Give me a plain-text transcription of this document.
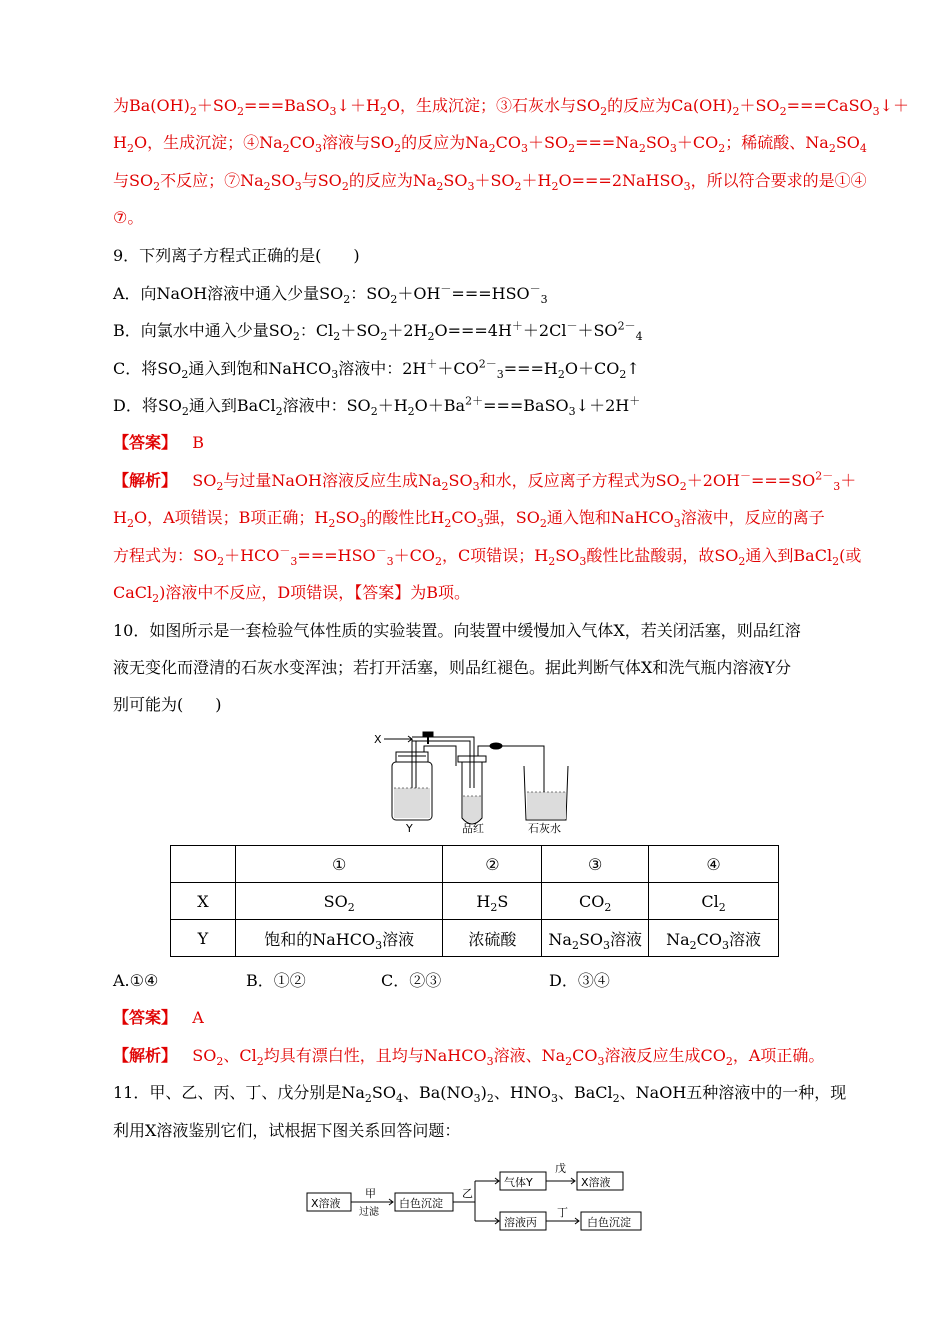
为$Ba(OH)_2+SO_2===BaSO_3↓+H_2O$，生成沉淀；③石灰水与$SO_2$的反应为$Ca(OH)_2+SO_2===CaSO_3↓+$
$H_2O$，生成沉淀；$④Na_2CO_3$溶液与$SO_2$的反应为$Na_2CO_3+SO_2===Na_2SO_3+CO_2$；稀硫酸、$Na_2SO_4$
与$SO_2$不反应；$⑦Na_2SO_3$与$SO_2$的反应为$Na_2SO_3+SO_2+H_2O===2NaHSO_3$，所以符合要求的是①④
⑦。
9．下列离子方程式正确的是(　　)
A．向NaOH溶液中通入少量$SO_2$：$SO_2+OH^-===HSO^-_3$
B．向氯水中通入少量$SO_2$：$Cl_2+SO_2+2H_2O===4H^++2Cl^-+SO^{2-}_4$
C．将$SO_2$通入到饱和NaHCO$_3$溶液中：$2H^++CO^{2-}_3===H_2O+CO_2↑$
D．将$SO_2$通入到BaCl$_2$溶液中：$SO_2+H_2O+Ba^{2+}===BaSO_3↓+2H^+$
【答案】 B
【解析】 $SO_2$与过量NaOH溶液反应生成$Na_2SO_3$和水，反应离子方程式为$SO_2+2OH^-===SO^{2-}_3+$
$H_2O$，A项错误；B项正确；$H_2SO_3$的酸性比$H_2CO_3$强，$SO_2$通入饱和NaHCO$_3$溶液中，反应的离子
方程式为：$SO_2+HCO^-_3===HSO^-_3+CO_2$，C项错误；$H_2SO_3$酸性比盐酸弱，故$SO_2$通入到BaCl$_2$(或
CaCl$_2$)溶液中不反应，D项错误，【答案】为B项。
10．如图所示是一套检验气体性质的实验装置。向装置中缓慢加入气体X，若关闭活塞，则品红溶
液无变化而澄清的石灰水变浑浊；若打开活塞，则品红褪色。据此判断气体X和洗气瓶内溶液Y分
别可能为(　　)
X
Y	品红	石灰水
	①	②	③	④
X	$SO_2$	$H_2S$	$CO_2$	$Cl_2$
Y	饱和的NaHCO$_3$溶液	浓硫酸	$Na_2SO_3$溶液	$Na_2CO_3$溶液
A.①④	B．①②	C．②③	D．③④
【答案】 A
【解析】 $SO_2$、$Cl_2$均具有漂白性，且均与NaHCO$_3$溶液、$Na_2CO_3$溶液反应生成$CO_2$，A项正确。
11．甲、乙、丙、丁、戊分别是$Na_2SO_4$、$Ba(NO_3)_2$、$HNO_3$、BaCl$_2$、NaOH五种溶液中的一种，现
利用X溶液鉴别它们，试根据下图关系回答问题：
X溶液
甲
过滤
白色沉淀
乙
气体Y
戊
X溶液
溶液丙
丁
白色沉淀
